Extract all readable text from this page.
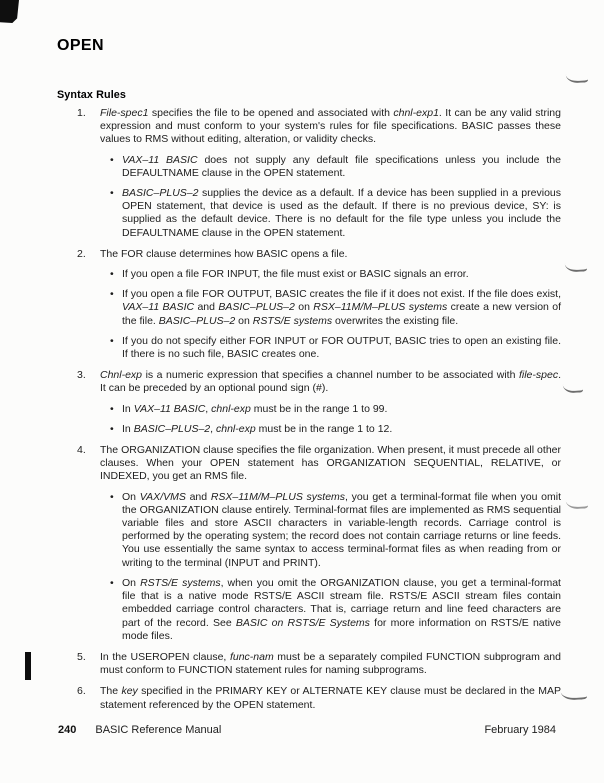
OPEN
Syntax Rules
1.	File-spec1 specifies the file to be opened and associated with chnl-exp1. It can be any valid string expression and must conform to your system's rules for file specifications. BASIC passes these values to RMS without editing, alteration, or validity checks.

• VAX–11 BASIC does not supply any default file specifications unless you include the DEFAULTNAME clause in the OPEN statement.

• BASIC–PLUS–2 supplies the device as a default. If a device has been supplied in a previous OPEN statement, that device is used as the default. If there is no previous device, SY: is supplied as the default device. There is no default for the file type unless you include the DEFAULTNAME clause in the OPEN statement.

2.	The FOR clause determines how BASIC opens a file.

• If you open a file FOR INPUT, the file must exist or BASIC signals an error.

• If you open a file FOR OUTPUT, BASIC creates the file if it does not exist. If the file does exist, VAX–11 BASIC and BASIC–PLUS–2 on RSX–11M/M–PLUS systems create a new version of the file. BASIC–PLUS–2 on RSTS/E systems overwrites the existing file.

• If you do not specify either FOR INPUT or FOR OUTPUT, BASIC tries to open an existing file. If there is no such file, BASIC creates one.

3.	Chnl-exp is a numeric expression that specifies a channel number to be associated with file-spec. It can be preceded by an optional pound sign (#).

• In VAX–11 BASIC, chnl-exp must be in the range 1 to 99.

• In BASIC–PLUS–2, chnl-exp must be in the range 1 to 12.

4.	The ORGANIZATION clause specifies the file organization. When present, it must precede all other clauses. When your OPEN statement has ORGANIZATION SEQUENTIAL, RELATIVE, or INDEXED, you get an RMS file.

• On VAX/VMS and RSX–11M/M–PLUS systems, you get a terminal-format file when you omit the ORGANIZATION clause entirely. Terminal-format files are implemented as RMS sequential variable files and store ASCII characters in variable-length records. Carriage control is performed by the operating system; the record does not contain carriage returns or line feeds. You use essentially the same syntax to access terminal-format files as when reading from or writing to the terminal (INPUT and PRINT).

• On RSTS/E systems, when you omit the ORGANIZATION clause, you get a terminal-format file that is a native mode RSTS/E ASCII stream file. RSTS/E ASCII stream files contain embedded carriage control characters. That is, carriage return and line feed characters are part of the record. See BASIC on RSTS/E Systems for more information on RSTS/E native mode files.

5.	In the USEROPEN clause, func-nam must be a separately compiled FUNCTION subprogram and must conform to FUNCTION statement rules for naming subprograms.

6.	The key specified in the PRIMARY KEY or ALTERNATE KEY clause must be declared in the MAP statement referenced by the OPEN statement.

240 BASIC Reference Manual	February 1984
